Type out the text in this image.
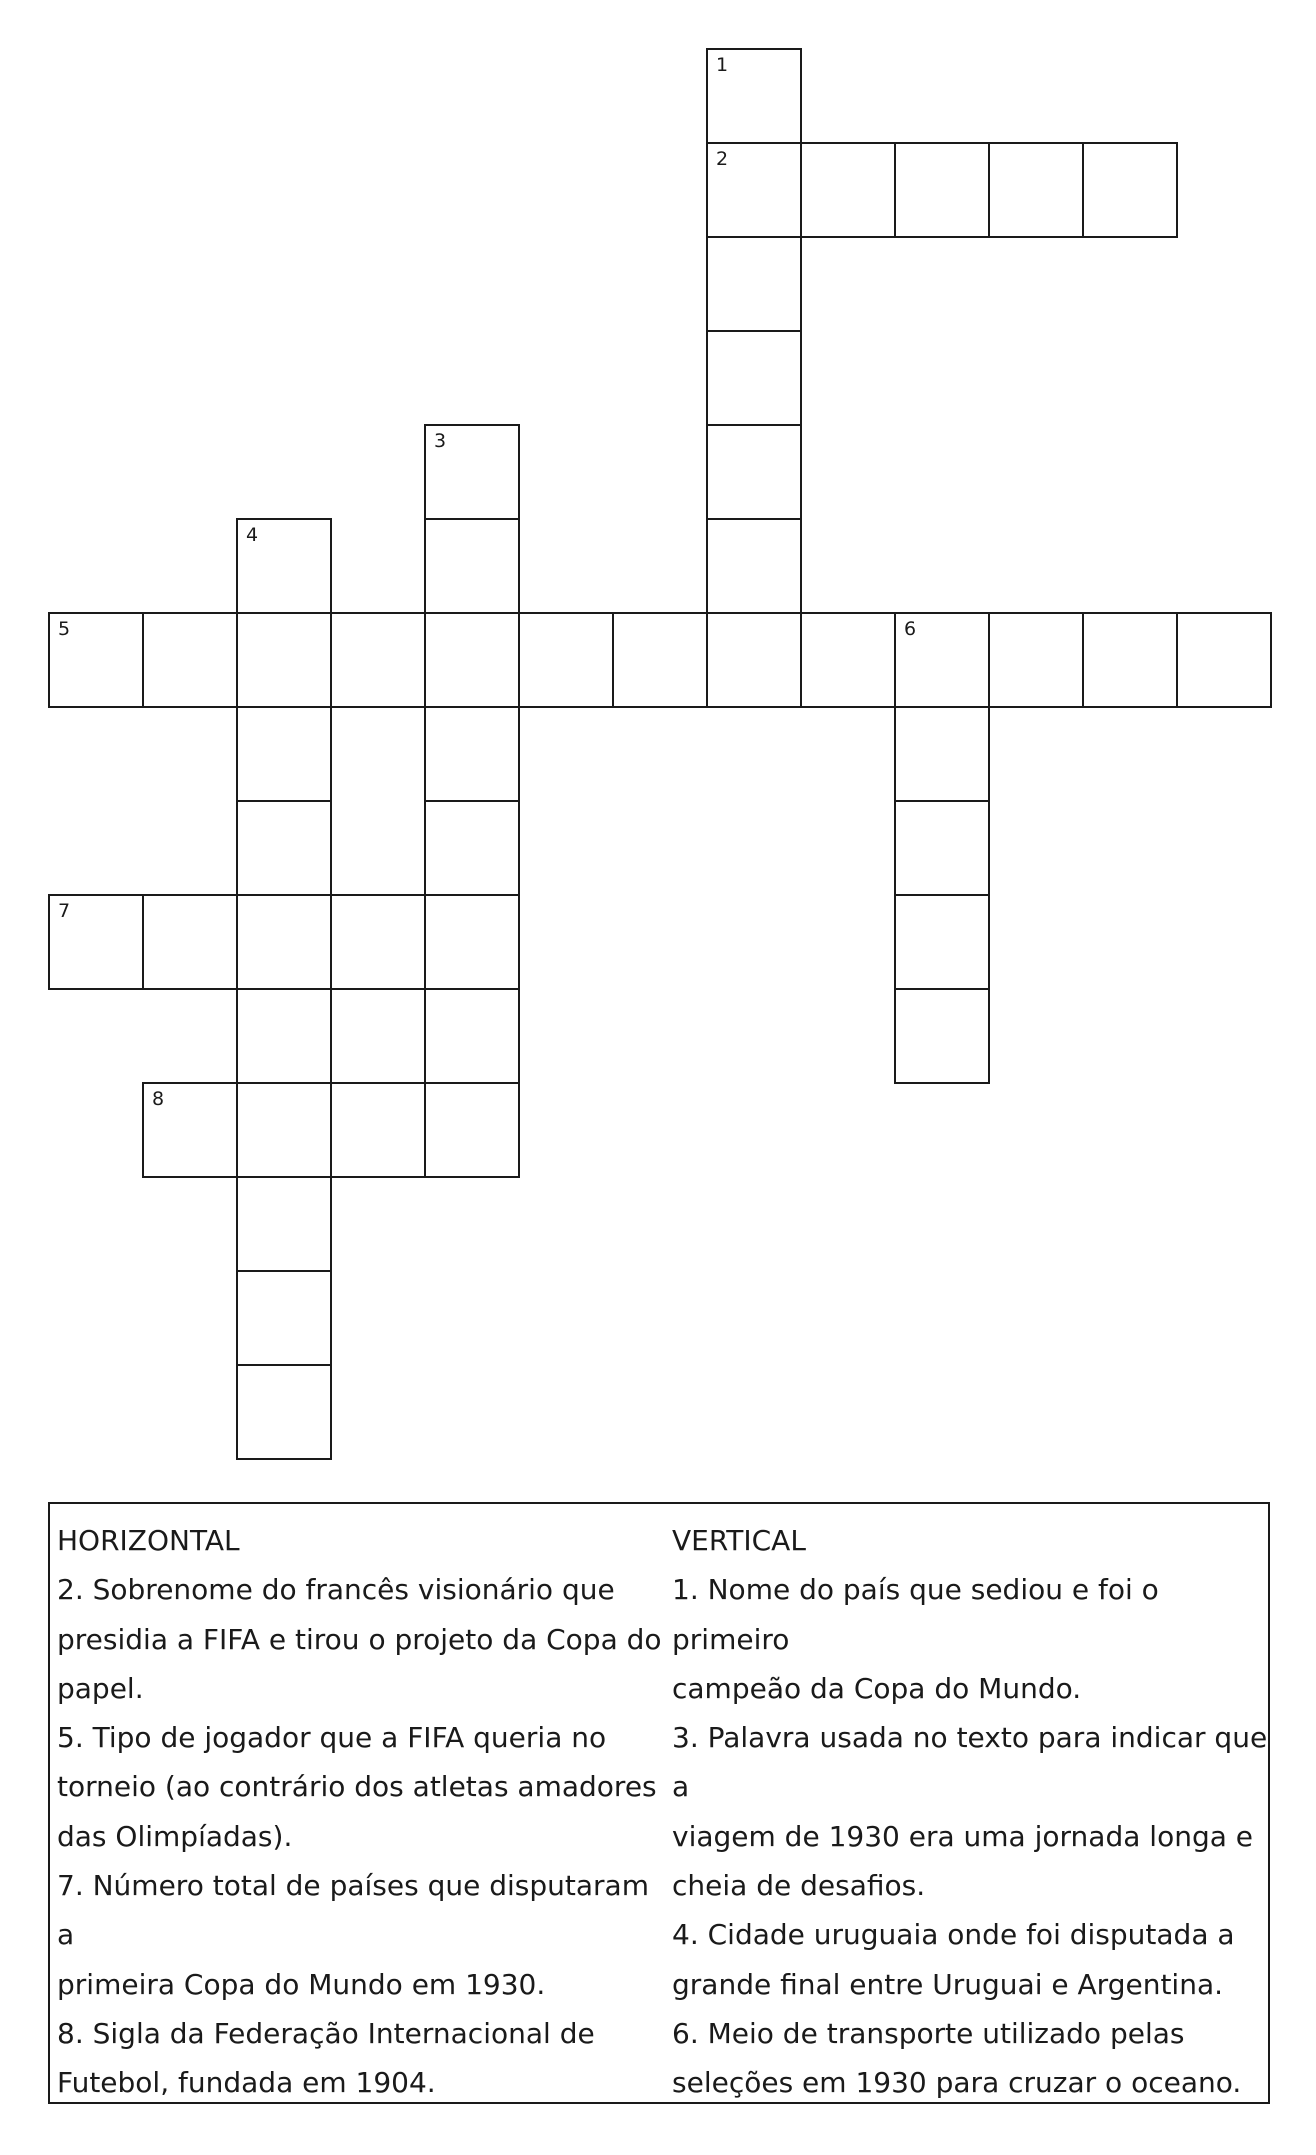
1
2
3
4
5	6
7
8
HORIZONTAL
2. Sobrenome do francês visionário que
presidia a FIFA e tirou o projeto da Copa do
papel.
5. Tipo de jogador que a FIFA queria no
torneio (ao contrário dos atletas amadores
das Olimpíadas).
7. Número total de países que disputaram a
primeira Copa do Mundo em 1930.
8. Sigla da Federação Internacional de
Futebol, fundada em 1904.
VERTICAL
1. Nome do país que sediou e foi o primeiro
campeão da Copa do Mundo.
3. Palavra usada no texto para indicar que a
viagem de 1930 era uma jornada longa e
cheia de desafios.
4. Cidade uruguaia onde foi disputada a
grande final entre Uruguai e Argentina.
6. Meio de transporte utilizado pelas
seleções em 1930 para cruzar o oceano.
